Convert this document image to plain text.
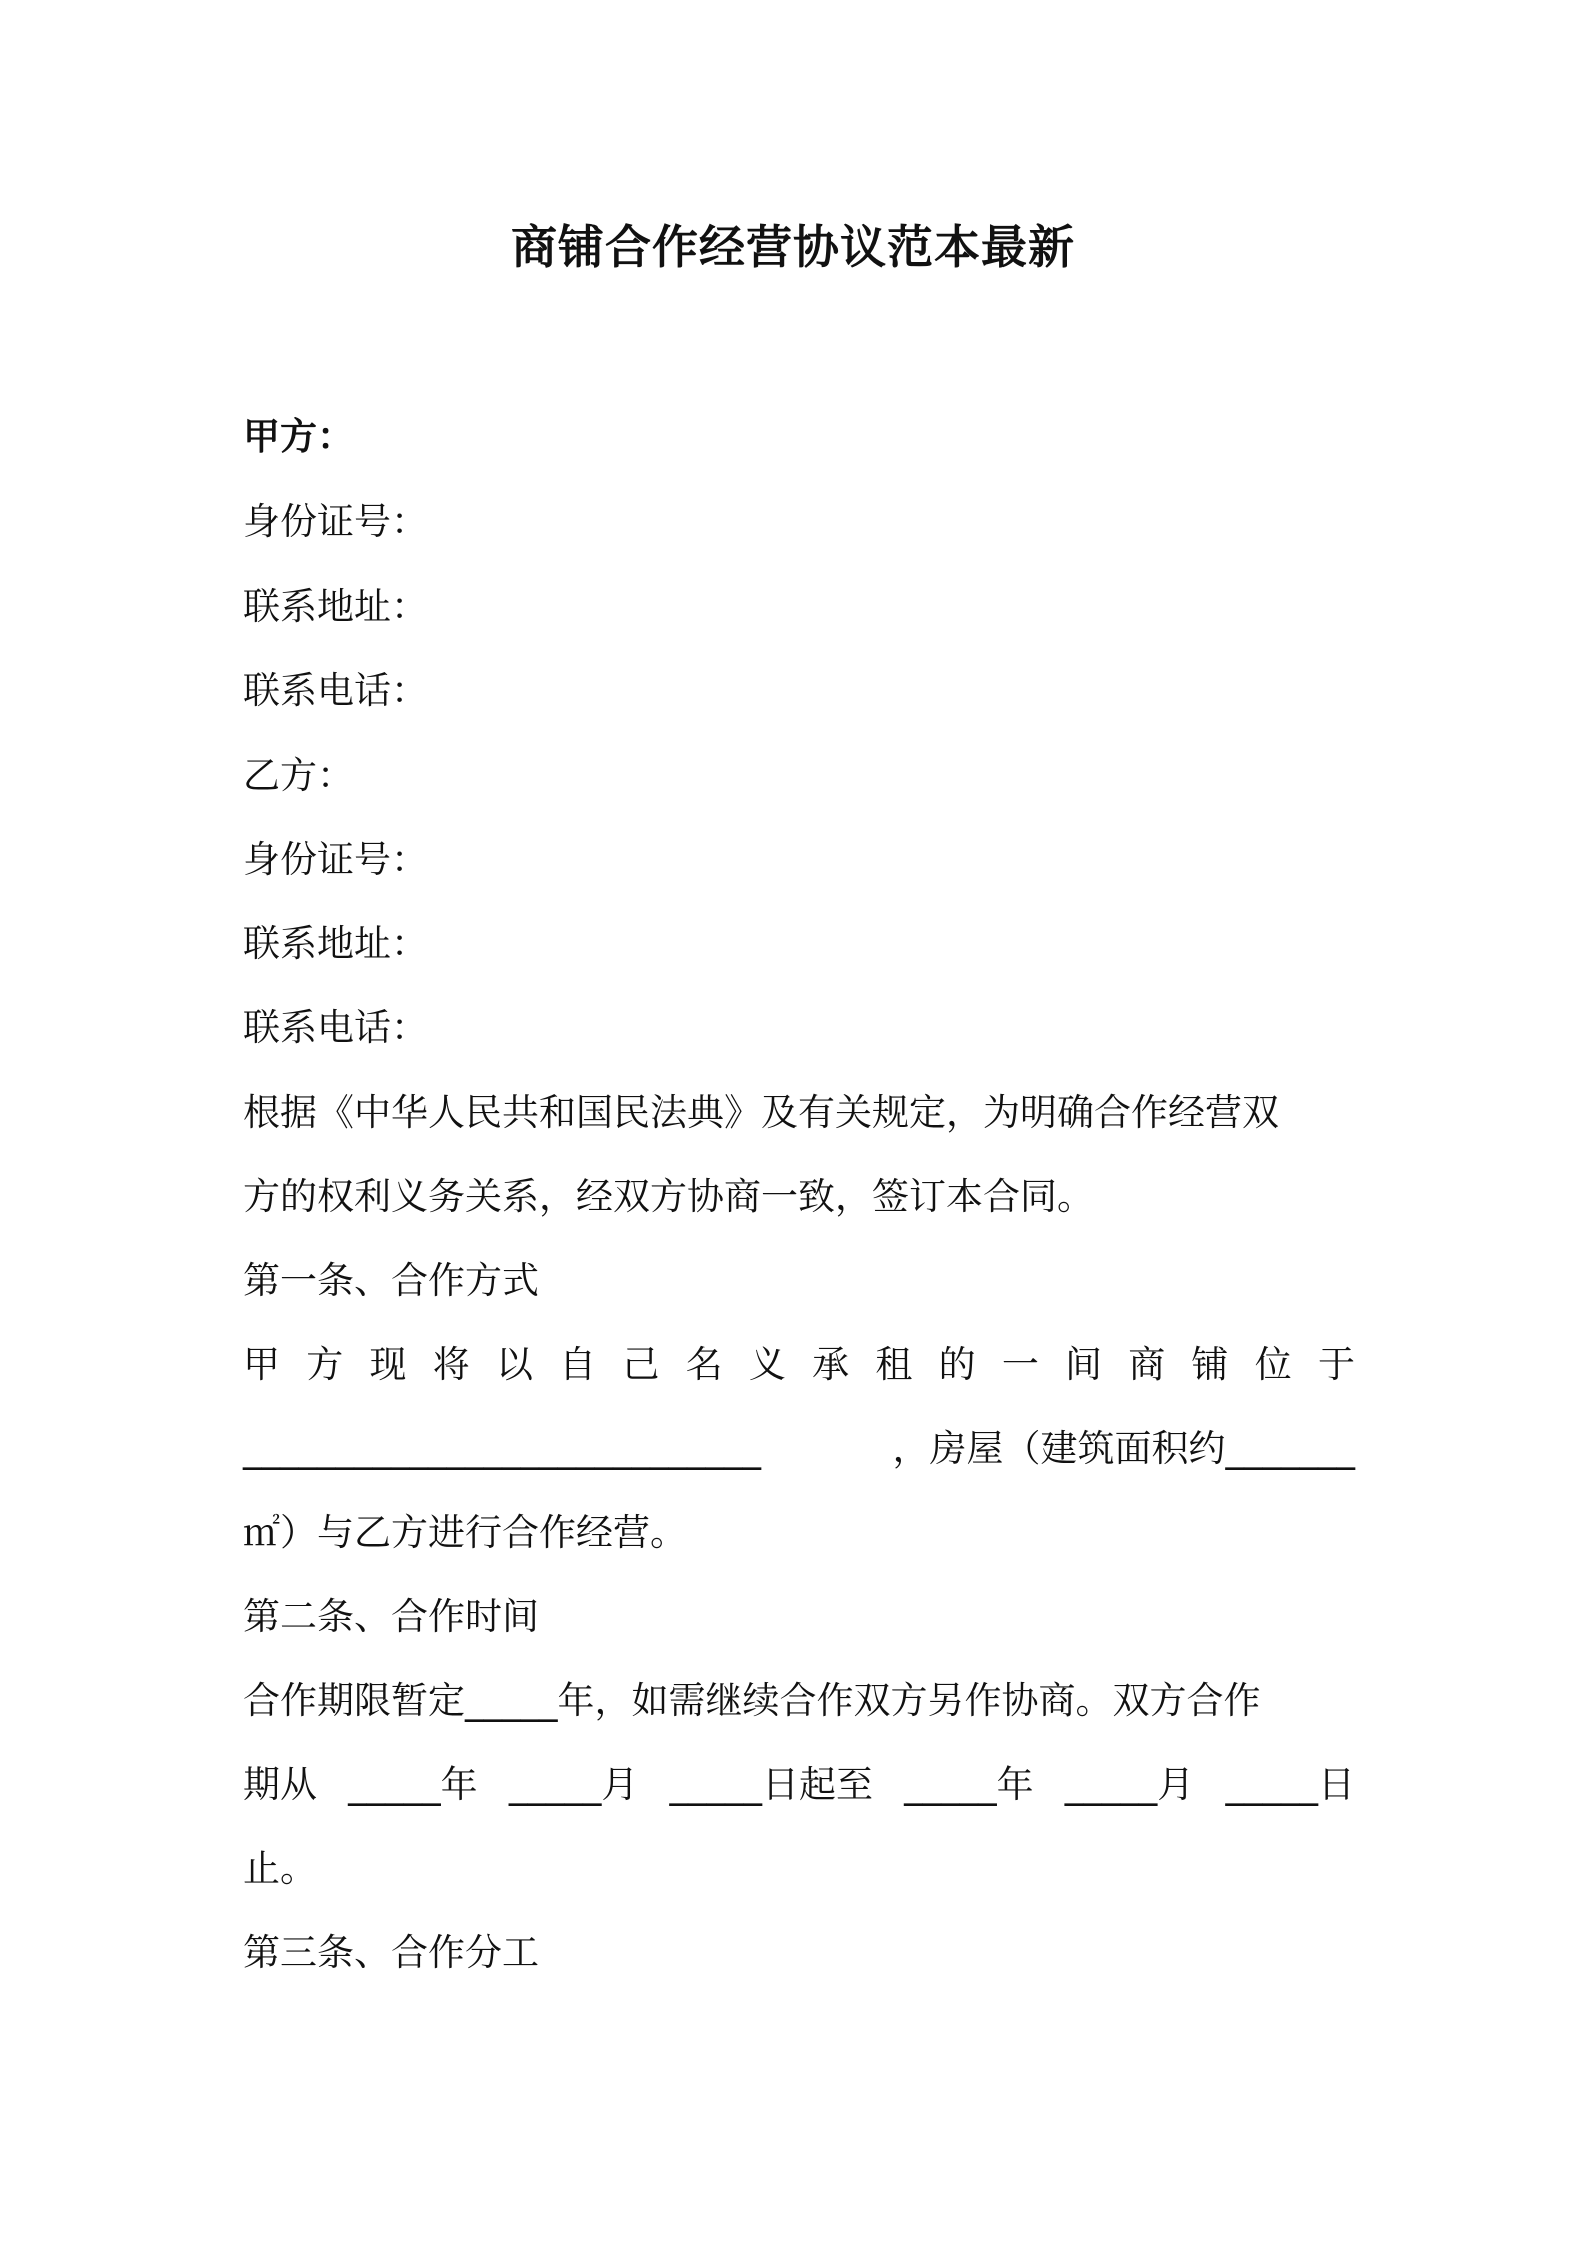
商铺合作经营协议范本最新
甲方：
身份证号：
联系地址：
联系电话：
乙方：
身份证号：
联系地址：
联系电话：
根据《中华人民共和国民法典》及有关规定，为明确合作经营双
方的权利义务关系，经双方协商一致，签订本合同。
第一条、合作方式
甲 方 现 将 以 自 己 名 义 承 租 的 一 间 商 铺 位 于
____________________________	，房屋（建筑面积约_______
㎡）与乙方进行合作经营。
第二条、合作时间
合作期限暂定_____年，如需继续合作双方另作协商。双方合作
期从 _____年 _____月 _____日起至 _____年 _____月 _____日
止。
第三条、合作分工
